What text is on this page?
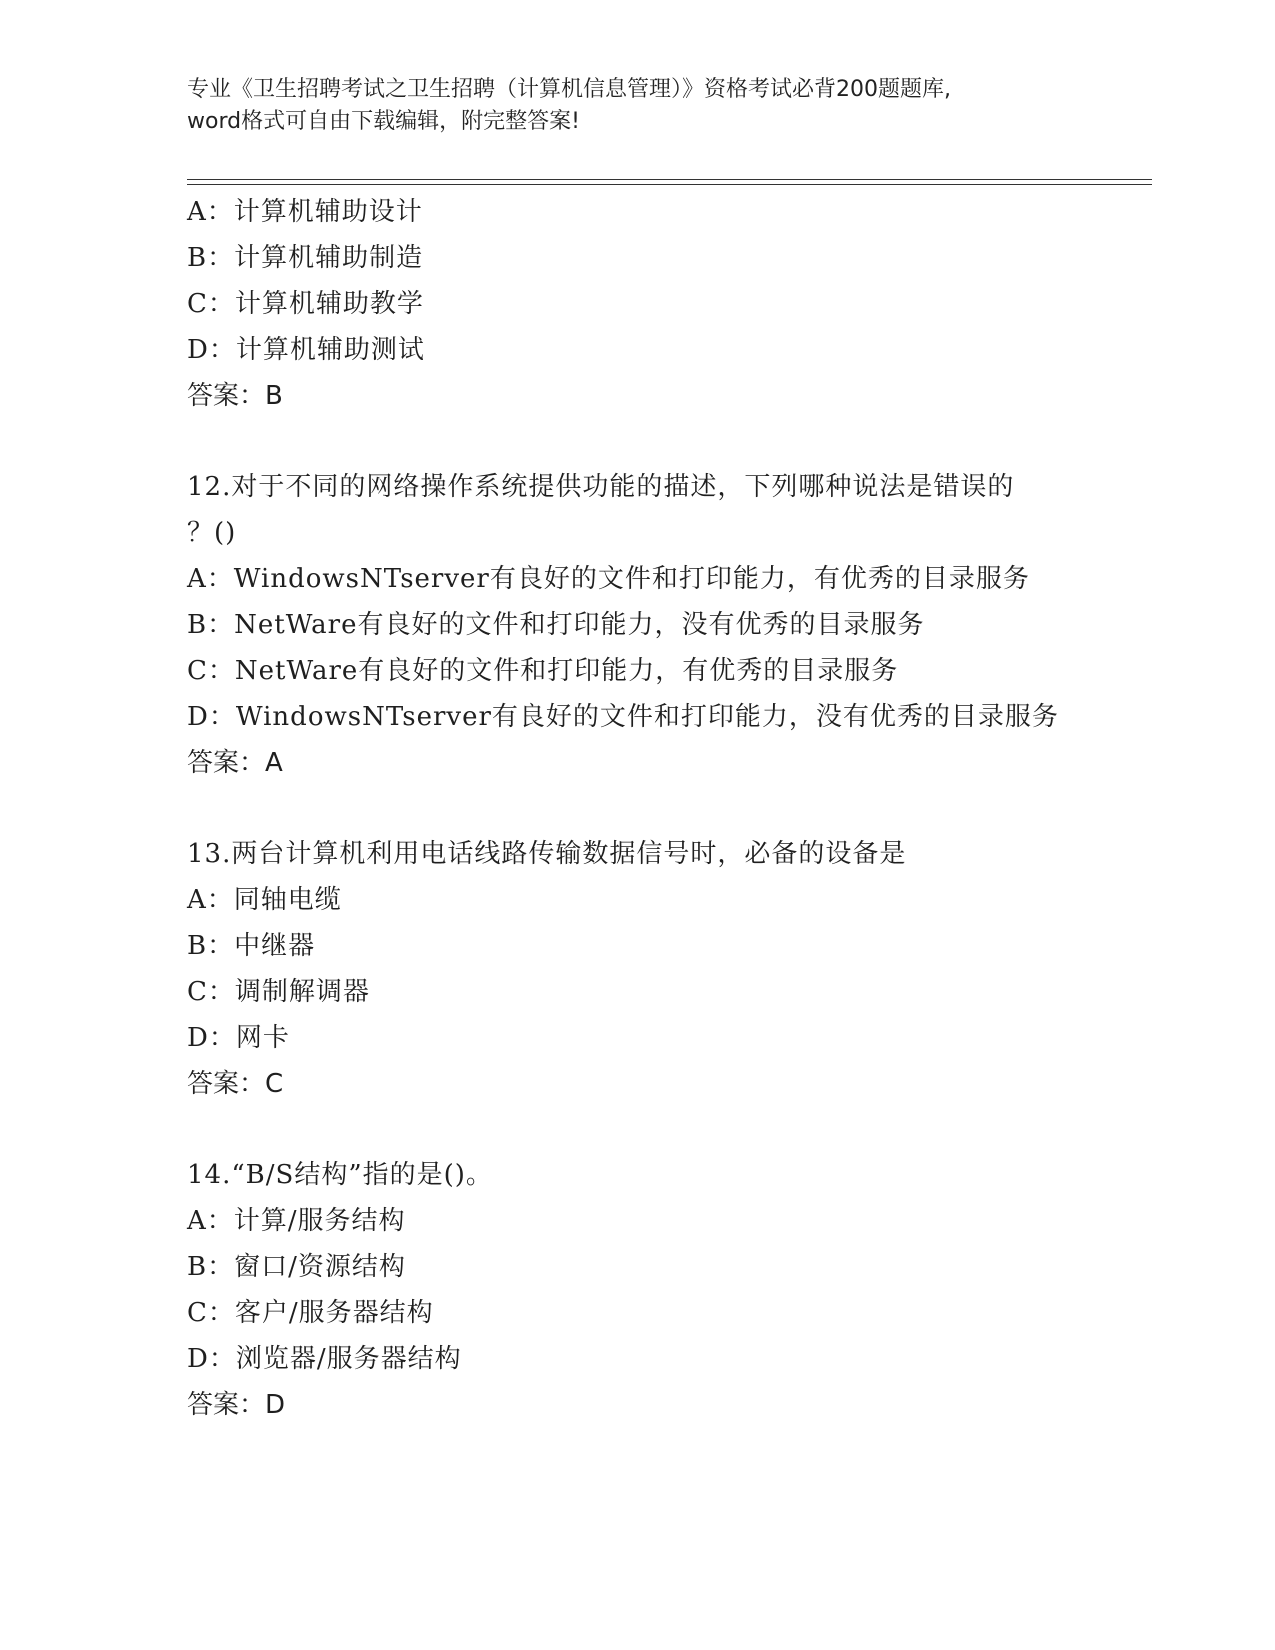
专业《卫生招聘考试之卫生招聘（计算机信息管理）》资格考试必背200题题库,
word格式可自由下载编辑，附完整答案!
A：计算机辅助设计
B：计算机辅助制造
C：计算机辅助教学
D：计算机辅助测试
答案：B
12.对于不同的网络操作系统提供功能的描述，下列哪种说法是错误的
？()
A：WindowsNTserver有良好的文件和打印能力，有优秀的目录服务
B：NetWare有良好的文件和打印能力，没有优秀的目录服务
C：NetWare有良好的文件和打印能力，有优秀的目录服务
D：WindowsNTserver有良好的文件和打印能力，没有优秀的目录服务
答案：A
13.两台计算机利用电话线路传输数据信号时，必备的设备是
A：同轴电缆
B：中继器
C：调制解调器
D：网卡
答案：C
14.“B/S结构”指的是()。
A：计算/服务结构
B：窗口/资源结构
C：客户/服务器结构
D：浏览器/服务器结构
答案：D
